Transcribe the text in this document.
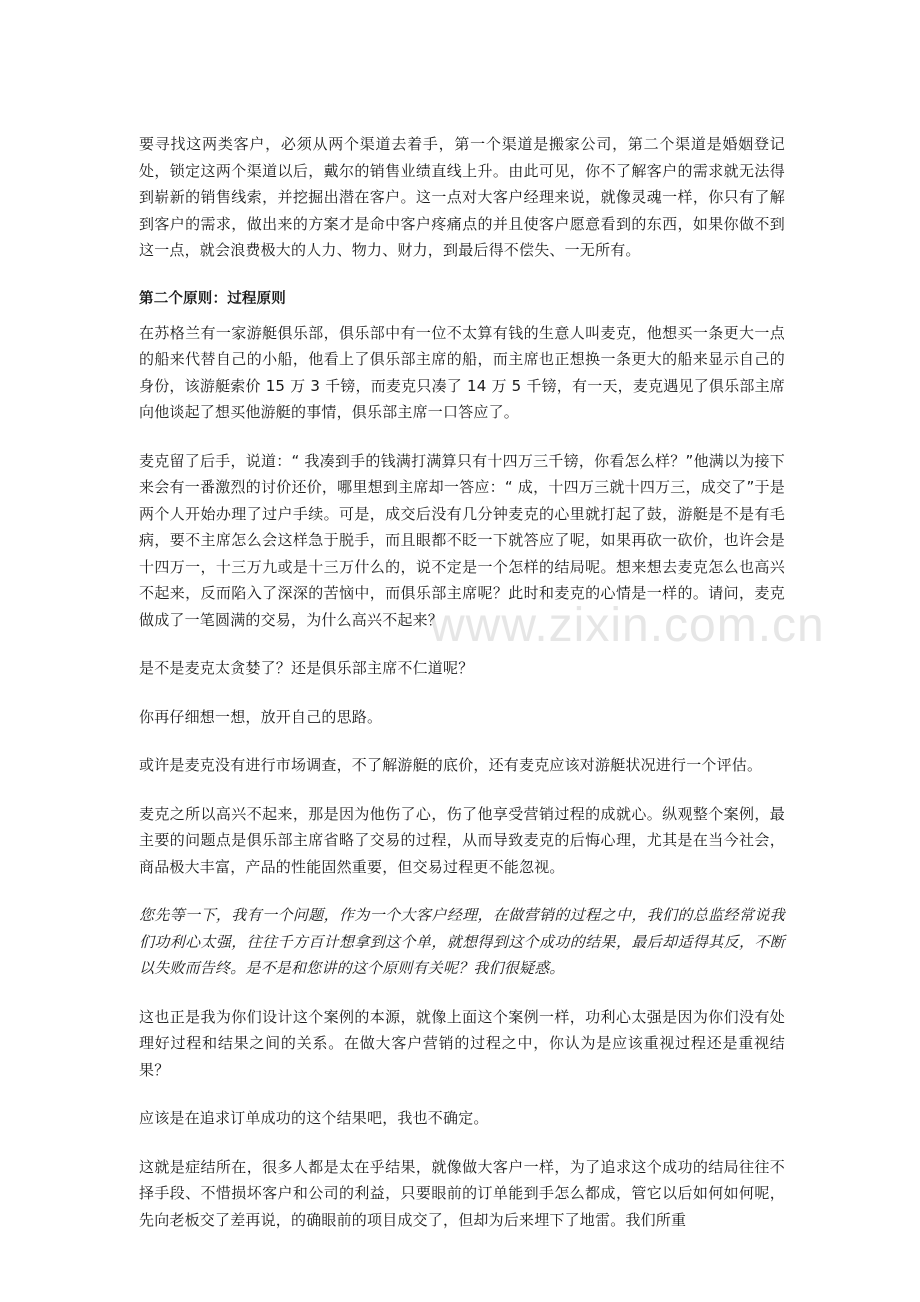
www.zixin.com.cn

要寻找这两类客户，必须从两个渠道去着手，第一个渠道是搬家公司，第二个渠道是婚姻登记处，锁定这两个渠道以后，戴尔的销售业绩直线上升。由此可见，你不了解客户的需求就无法得到崭新的销售线索，并挖掘出潜在客户。这一点对大客户经理来说，就像灵魂一样，你只有了解到客户的需求，做出来的方案才是命中客户疼痛点的并且使客户愿意看到的东西，如果你做不到这一点，就会浪费极大的人力、物力、财力，到最后得不偿失、一无所有。

第二个原则：过程原则

在苏格兰有一家游艇俱乐部，俱乐部中有一位不太算有钱的生意人叫麦克，他想买一条更大一点的船来代替自己的小船，他看上了俱乐部主席的船，而主席也正想换一条更大的船来显示自己的身份，该游艇索价 15 万 3 千镑，而麦克只凑了 14 万 5 千镑，有一天，麦克遇见了俱乐部主席向他谈起了想买他游艇的事情，俱乐部主席一口答应了。

麦克留了后手，说道：“ 我凑到手的钱满打满算只有十四万三千镑，你看怎么样？”他满以为接下来会有一番激烈的讨价还价，哪里想到主席却一答应：“ 成，十四万三就十四万三，成交了”于是两个人开始办理了过户手续。可是，成交后没有几分钟麦克的心里就打起了鼓，游艇是不是有毛病，要不主席怎么会这样急于脱手，而且眼都不眨一下就答应了呢，如果再砍一砍价，也许会是十四万一，十三万九或是十三万什么的，说不定是一个怎样的结局呢。想来想去麦克怎么也高兴不起来，反而陷入了深深的苦恼中，而俱乐部主席呢？此时和麦克的心情是一样的。请问，麦克做成了一笔圆满的交易，为什么高兴不起来？

是不是麦克太贪婪了？还是俱乐部主席不仁道呢？

你再仔细想一想，放开自己的思路。

或许是麦克没有进行市场调查，不了解游艇的底价，还有麦克应该对游艇状况进行一个评估。

麦克之所以高兴不起来，那是因为他伤了心，伤了他享受营销过程的成就心。纵观整个案例，最主要的问题点是俱乐部主席省略了交易的过程，从而导致麦克的后悔心理，尤其是在当今社会，商品极大丰富，产品的性能固然重要，但交易过程更不能忽视。

您先等一下，我有一个问题，作为一个大客户经理，在做营销的过程之中，我们的总监经常说我们功利心太强，往往千方百计想拿到这个单，就想得到这个成功的结果，最后却适得其反，不断以失败而告终。是不是和您讲的这个原则有关呢？我们很疑惑。

这也正是我为你们设计这个案例的本源，就像上面这个案例一样，功利心太强是因为你们没有处理好过程和结果之间的关系。在做大客户营销的过程之中，你认为是应该重视过程还是重视结果？

应该是在追求订单成功的这个结果吧，我也不确定。

这就是症结所在，很多人都是太在乎结果，就像做大客户一样，为了追求这个成功的结局往往不择手段、不惜损坏客户和公司的利益，只要眼前的订单能到手怎么都成，管它以后如何如何呢，先向老板交了差再说，的确眼前的项目成交了，但却为后来埋下了地雷。我们所重
